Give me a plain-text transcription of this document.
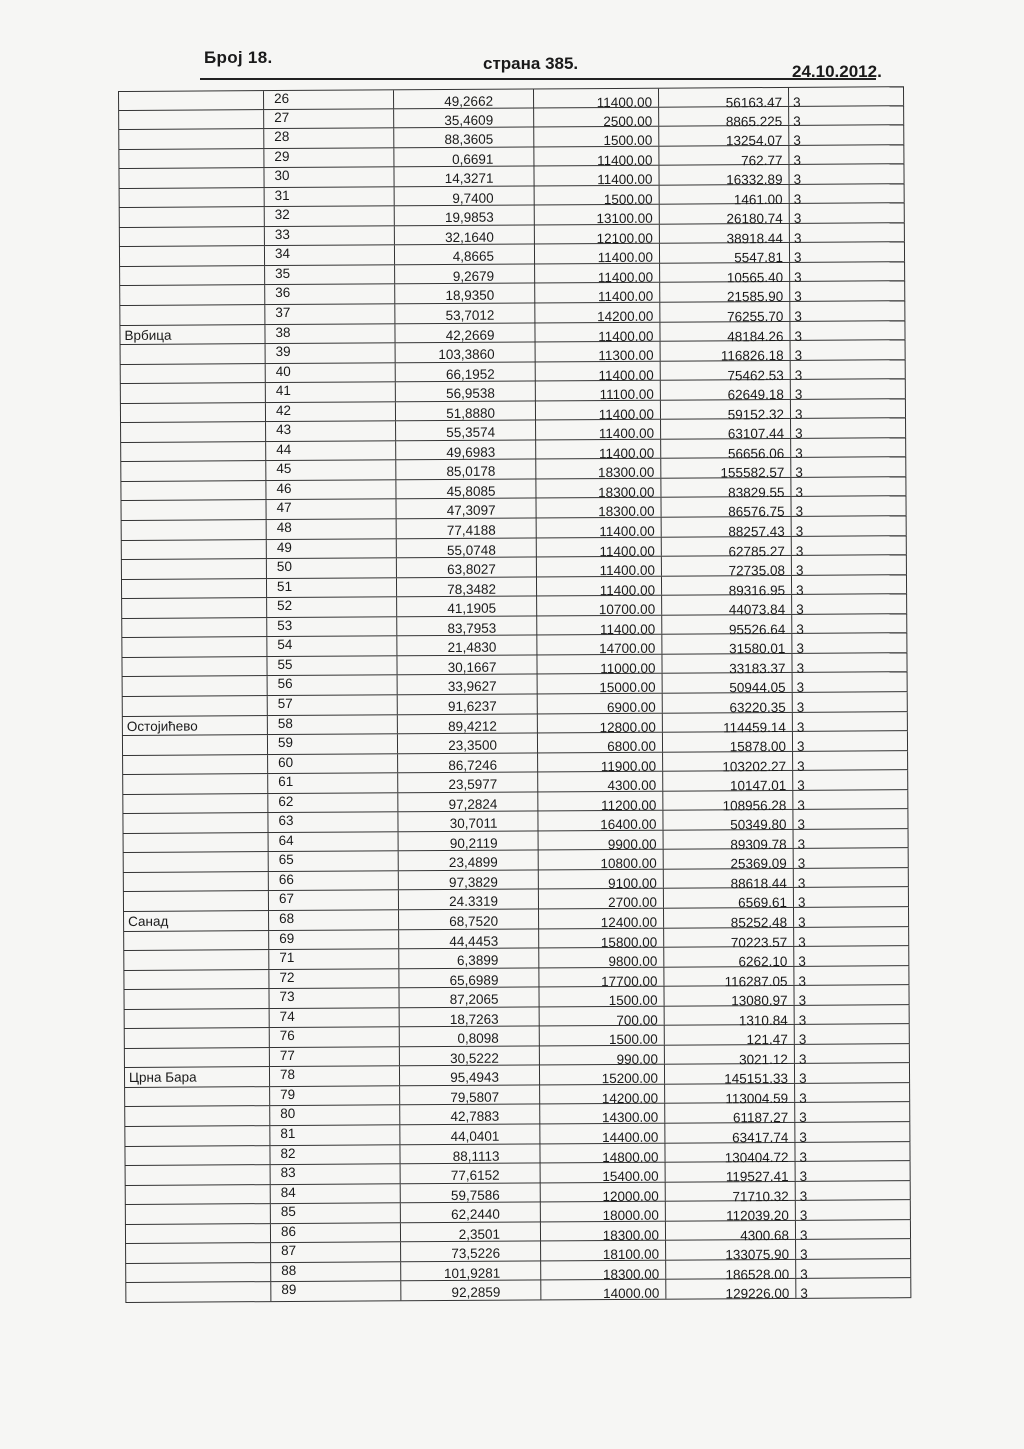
Број 18.	страна 385.	24.10.2012.
26	49,2662	11400.00	56163.47 3
27	35,4609	2500.00	8865.225 3
28	88,3605	1500.00	13254.07 3
29	0,6691	11400.00	762.77 3
30	14,3271	11400.00	16332.89 3
31	9,7400	1500.00	1461.00 3
32	19,9853	13100.00	26180.74 3
33	32,1640	12100.00	38918.44 3
34	4,8665	11400.00	5547.81 3
35	9,2679	11400.00	10565.40 3
36	18,9350	11400.00	21585.90 3
37	53,7012	14200.00	76255.70 3
Врбица	38	42,2669	11400.00	48184.26 3
39	103,3860	11300.00	116826.18 3
40	66,1952	11400.00	75462.53 3
41	56,9538	11100.00	62649.18 3
42	51,8880	11400.00	59152.32 3
43	55,3574	11400.00	63107.44 3
44	49,6983	11400.00	56656.06 3
45	85,0178	18300.00	155582.57 3
46	45,8085	18300.00	83829.55 3
47	47,3097	18300.00	86576.75 3
48	77,4188	11400.00	88257.43 3
49	55,0748	11400.00	62785.27 3
50	63,8027	11400.00	72735.08 3
51	78,3482	11400.00	89316.95 3
52	41,1905	10700.00	44073.84 3
53	83,7953	11400.00	95526.64 3
54	21,4830	14700.00	31580.01 3
55	30,1667	11000.00	33183.37 3
56	33,9627	15000.00	50944.05 3
57	91,6237	6900.00	63220.35 3
Остојићево	58	89,4212	12800.00	114459.14 3
59	23,3500	6800.00	15878.00 3
60	86,7246	11900.00	103202.27 3
61	23,5977	4300.00	10147.01 3
62	97,2824	11200.00	108956.28 3
63	30,7011	16400.00	50349.80 3
64	90,2119	9900.00	89309.78 3
65	23,4899	10800.00	25369.09 3
66	97,3829	9100.00	88618.44 3
67	24.3319	2700.00	6569.61 3
Санад	68	68,7520	12400.00	85252.48 3
69	44,4453	15800.00	70223.57 3
71	6,3899	9800.00	6262.10 3
72	65,6989	17700.00	116287.05 3
73	87,2065	1500.00	13080.97 3
74	18,7263	700.00	1310.84 3
76	0,8098	1500.00	121.47 3
77	30,5222	990.00	3021.12 3
Црна Бара	78	95,4943	15200.00	145151.33 3
79	79,5807	14200.00	113004.59 3
80	42,7883	14300.00	61187.27 3
81	44,0401	14400.00	63417.74 3
82	88,1113	14800.00	130404.72 3
83	77,6152	15400.00	119527.41 3
84	59,7586	12000.00	71710.32 3
85	62,2440	18000.00	112039.20 3
86	2,3501	18300.00	4300.68 3
87	73,5226	18100.00	133075.90 3
88	101,9281	18300.00	186528.00 3
89	92,2859	14000.00	129226.00 3
